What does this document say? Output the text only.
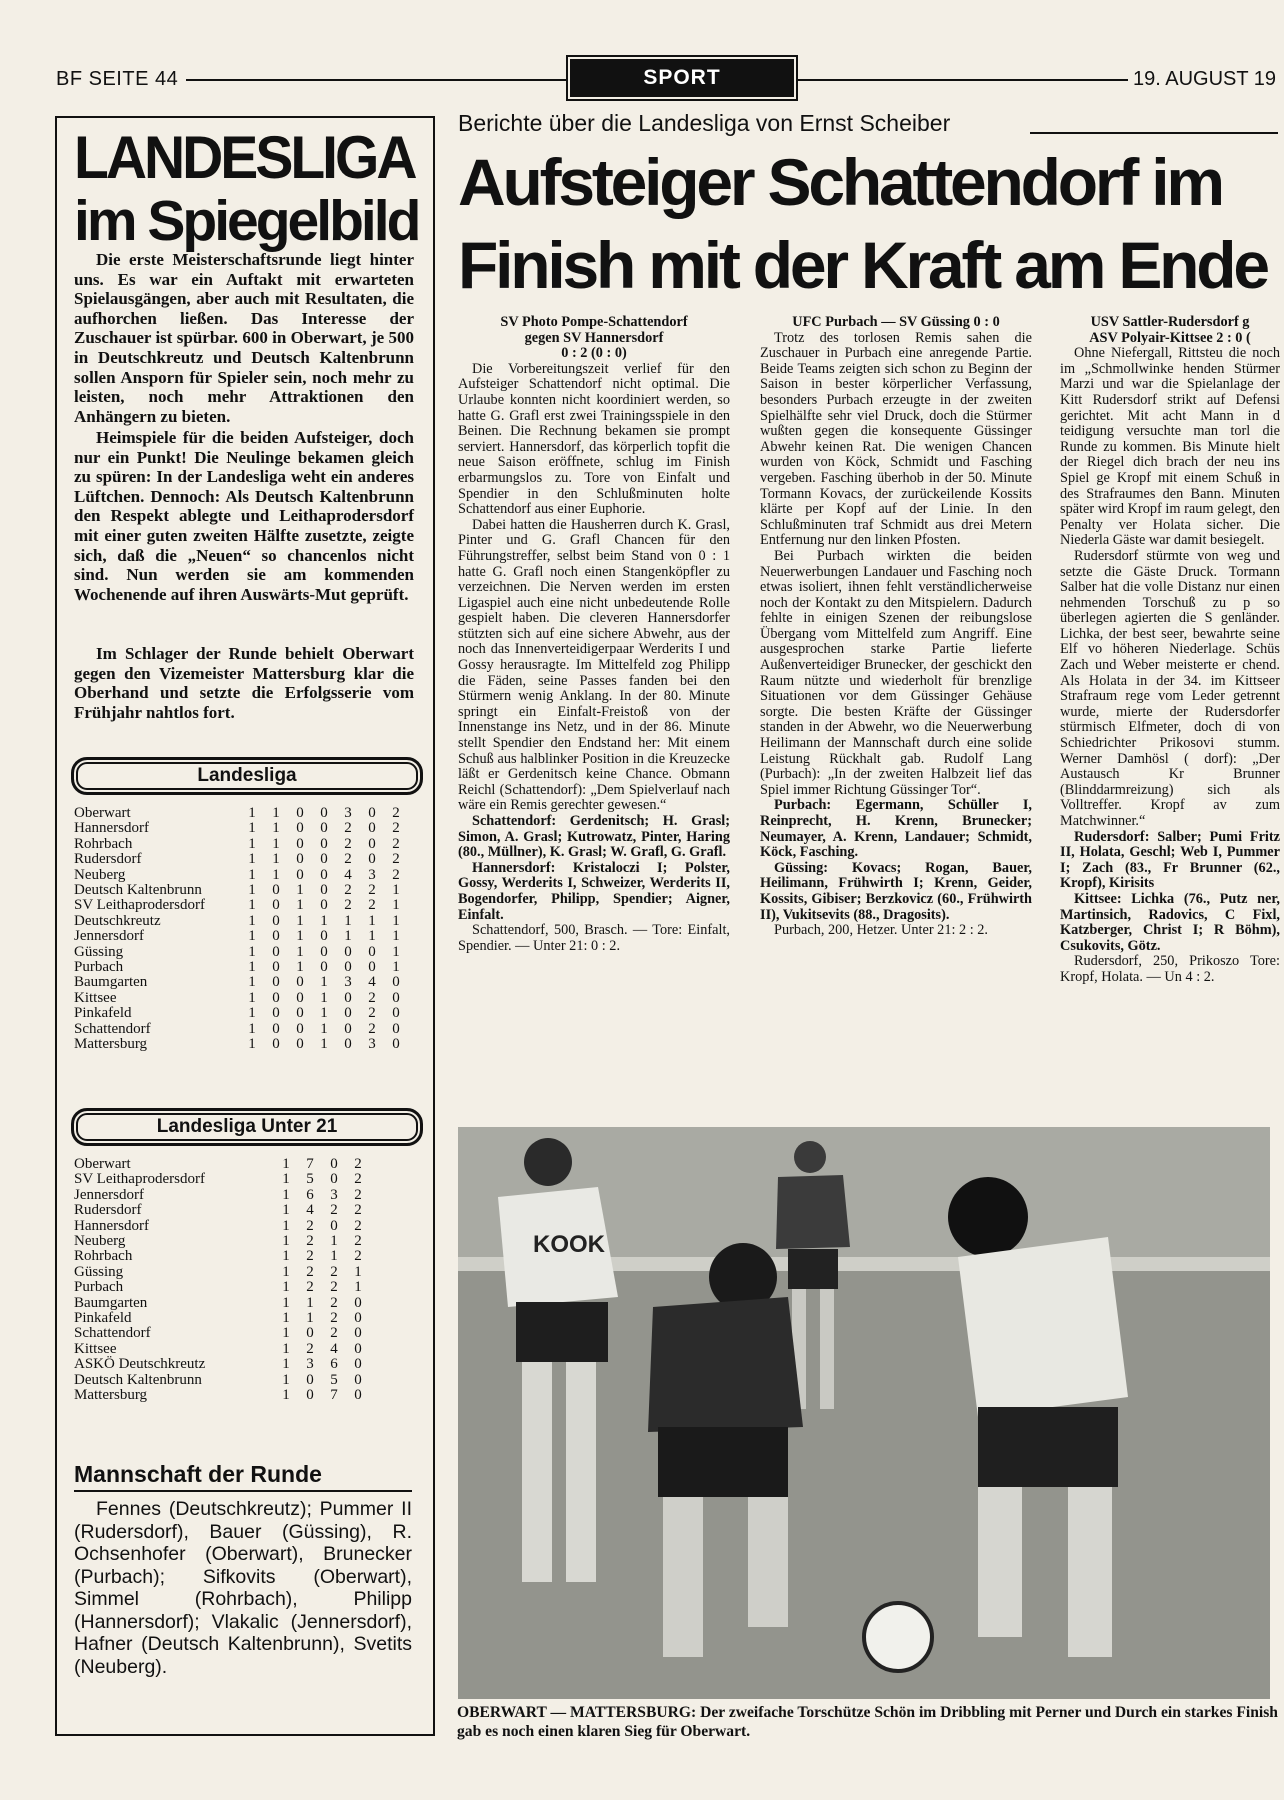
BF SEITE 44	SPORT	19. AUGUST 19
LANDESLIGA
im Spiegelbild
Die erste Meisterschaftsrunde liegt hinter uns. Es war ein Auftakt mit erwarteten Spielausgängen, aber auch mit Resultaten, die aufhorchen ließen. Das Interesse der Zuschauer ist spürbar. 600 in Oberwart, je 500 in Deutschkreutz und Deutsch Kaltenbrunn sollen Ansporn für Spieler sein, noch mehr zu leisten, noch mehr Attraktionen den Anhängern zu bieten.
Heimspiele für die beiden Aufsteiger, doch nur ein Punkt! Die Neulinge bekamen gleich zu spüren: In der Landesliga weht ein anderes Lüftchen. Dennoch: Als Deutsch Kaltenbrunn den Respekt ablegte und Leithaprodersdorf mit einer guten zweiten Hälfte zusetzte, zeigte sich, daß die „Neuen“ so chancenlos nicht sind. Nun werden sie am kommenden Wochenende auf ihren Auswärts-Mut geprüft.
Im Schlager der Runde behielt Oberwart gegen den Vizemeister Mattersburg klar die Oberhand und setzte die Erfolgsserie vom Frühjahr nahtlos fort.
Landesliga
Oberwart	1	1	0	0	3	0	2
Hannersdorf	1	1	0	0	2	0	2
Rohrbach	1	1	0	0	2	0	2
Rudersdorf	1	1	0	0	2	0	2
Neuberg	1	1	0	0	4	3	2
Deutsch Kaltenbrunn	1	0	1	0	2	2	1
SV Leithaprodersdorf	1	0	1	0	2	2	1
Deutschkreutz	1	0	1	1	1	1	1
Jennersdorf	1	0	1	0	1	1	1
Güssing	1	0	1	0	0	0	1
Purbach	1	0	1	0	0	0	1
Baumgarten	1	0	0	1	3	4	0
Kittsee	1	0	0	1	0	2	0
Pinkafeld	1	0	0	1	0	2	0
Schattendorf	1	0	0	1	0	2	0
Mattersburg	1	0	0	1	0	3	0
Landesliga Unter 21
Oberwart	1	7	0	2
SV Leithaprodersdorf	1	5	0	2
Jennersdorf	1	6	3	2
Rudersdorf	1	4	2	2
Hannersdorf	1	2	0	2
Neuberg	1	2	1	2
Rohrbach	1	2	1	2
Güssing	1	2	2	1
Purbach	1	2	2	1
Baumgarten	1	1	2	0
Pinkafeld	1	1	2	0
Schattendorf	1	0	2	0
Kittsee	1	2	4	0
ASKÖ Deutschkreutz	1	3	6	0
Deutsch Kaltenbrunn	1	0	5	0
Mattersburg	1	0	7	0
Mannschaft der Runde
Fennes (Deutschkreutz); Pummer II (Rudersdorf), Bauer (Güssing), R. Ochsenhofer (Oberwart), Brunecker (Purbach); Sifkovits (Oberwart), Simmel (Rohrbach), Philipp (Hannersdorf); Vlakalic (Jennersdorf), Hafner (Deutsch Kaltenbrunn), Svetits (Neuberg).
Berichte über die Landesliga von Ernst Scheiber
Aufsteiger Schattendorf im
Finish mit der Kraft am Ende
SV Photo Pompe-Schattendorf
gegen SV Hannersdorf
0 : 2 (0 : 0)

Die Vorbereitungszeit verlief für den Aufsteiger Schattendorf nicht optimal. Die Urlaube konnten nicht koordiniert werden, so hatte G. Grafl erst zwei Trainingsspiele in den Beinen. Die Rechnung bekamen sie prompt serviert. Hannersdorf, das körperlich topfit die neue Saison eröffnete, schlug im Finish erbarmungslos zu. Tore von Einfalt und Spendier in den Schlußminuten holte Schattendorf aus einer Euphorie.

Dabei hatten die Hausherren durch K. Grasl, Pinter und G. Grafl Chancen für den Führungstreffer, selbst beim Stand von 0 : 1 hatte G. Grafl noch einen Stangenköpfler zu verzeichnen. Die Nerven werden im ersten Ligaspiel auch eine nicht unbedeutende Rolle gespielt haben. Die cleveren Hannersdorfer stützten sich auf eine sichere Abwehr, aus der noch das Innenverteidigerpaar Werderits I und Gossy herausragte. Im Mittelfeld zog Philipp die Fäden, seine Passes fanden bei den Stürmern wenig Anklang. In der 80. Minute springt ein Einfalt-Freistoß von der Innenstange ins Netz, und in der 86. Minute stellt Spendier den Endstand her: Mit einem Schuß aus halblinker Position in die Kreuzecke läßt er Gerdenitsch keine Chance. Obmann Reichl (Schattendorf): „Dem Spielverlauf nach wäre ein Remis gerechter gewesen.“

Schattendorf: Gerdenitsch; H. Grasl; Simon, A. Grasl; Kutrowatz, Pinter, Haring (80., Müllner), K. Grasl; W. Grafl, G. Grafl.

Hannersdorf: Kristaloczi I; Polster, Gossy, Werderits I, Schweizer, Werderits II, Bogendorfer, Philipp, Spendier; Aigner, Einfalt.

Schattendorf, 500, Brasch. — Tore: Einfalt, Spendier. — Unter 21: 0 : 2.

UFC Purbach — SV Güssing 0 : 0

Trotz des torlosen Remis sahen die Zuschauer in Purbach eine anregende Partie. Beide Teams zeigten sich schon zu Beginn der Saison in bester körperlicher Verfassung, besonders Purbach erzeugte in der zweiten Spielhälfte sehr viel Druck, doch die Stürmer wußten gegen die konsequente Güssinger Abwehr keinen Rat. Die wenigen Chancen wurden von Köck, Schmidt und Fasching vergeben. Fasching überhob in der 50. Minute Tormann Kovacs, der zurückeilende Kossits klärte per Kopf auf der Linie. In den Schlußminuten traf Schmidt aus drei Metern Entfernung nur den linken Pfosten.

Bei Purbach wirkten die beiden Neuerwerbungen Landauer und Fasching noch etwas isoliert, ihnen fehlt verständlicherweise noch der Kontakt zu den Mitspielern. Dadurch fehlte in einigen Szenen der reibungslose Übergang vom Mittelfeld zum Angriff. Eine ausgesprochen starke Partie lieferte Außenverteidiger Brunecker, der geschickt den Raum nützte und wiederholt für brenzlige Situationen vor dem Güssinger Gehäuse sorgte. Die besten Kräfte der Güssinger standen in der Abwehr, wo die Neuerwerbung Heilimann der Mannschaft durch eine solide Leistung Rückhalt gab. Rudolf Lang (Purbach): „In der zweiten Halbzeit lief das Spiel immer Richtung Güssinger Tor“.

Purbach: Egermann, Schüller I, Reinprecht, H. Krenn, Brunecker; Neumayer, A. Krenn, Landauer; Schmidt, Köck, Fasching.

Güssing: Kovacs; Rogan, Bauer, Heilimann, Frühwirth I; Krenn, Geider, Kossits, Gibiser; Berzkovicz (60., Frühwirth II), Vukitsevits (88., Dragosits).

Purbach, 200, Hetzer. Unter 21: 2 : 2.

USV Sattler-Rudersdorf g
ASV Polyair-Kittsee 2 : 0 (

Ohne Niefergall, Rittsteu die noch im „Schmollwinke henden Stürmer Marzi und war die Spielanlage der Kitt Rudersdorf strikt auf Defensi gerichtet. Mit acht Mann in d teidigung versuchte man torl die Runde zu kommen. Bis Minute hielt der Riegel dich brach der neu ins Spiel ge Kropf mit einem Schuß in des Strafraumes den Bann. Minuten später wird Kropf im raum gelegt, den Penalty ver Holata sicher. Die Niederla Gäste war damit besiegelt.

Rudersdorf stürmte von weg und setzte die Gäste Druck. Tormann Salber hat die volle Distanz nur einen nehmenden Torschuß zu p so überlegen agierten die S genländer. Lichka, der best seer, bewahrte seine Elf vo höheren Niederlage. Schüs Zach und Weber meisterte er chend. Als Holata in der 34. im Kittseer Strafraum rege vom Leder getrennt wurde, mierte der Rudersdorfer stürmisch Elfmeter, doch di von Schiedrichter Prikosovi stumm. Werner Damhösl ( dorf): „Der Austausch Kr Brunner (Blinddarmreizung) sich als Volltreffer. Kropf av zum Matchwinner.“

Rudersdorf: Salber; Pumi Fritz II, Holata, Geschl; Web I, Pummer I; Zach (83., Fr Brunner (62., Kropf), Kirisits

Kittsee: Lichka (76., Putz ner, Martinsich, Radovics, C Fixl, Katzberger, Christ I; R Böhm), Csukovits, Götz.

Rudersdorf, 250, Prikoszo Tore: Kropf, Holata. — Un 4 : 2.

KOOK
OBERWART — MATTERSBURG: Der zweifache Torschütze Schön im Dribbling mit Perner und Durch ein starkes Finish gab es noch einen klaren Sieg für Oberwart.
